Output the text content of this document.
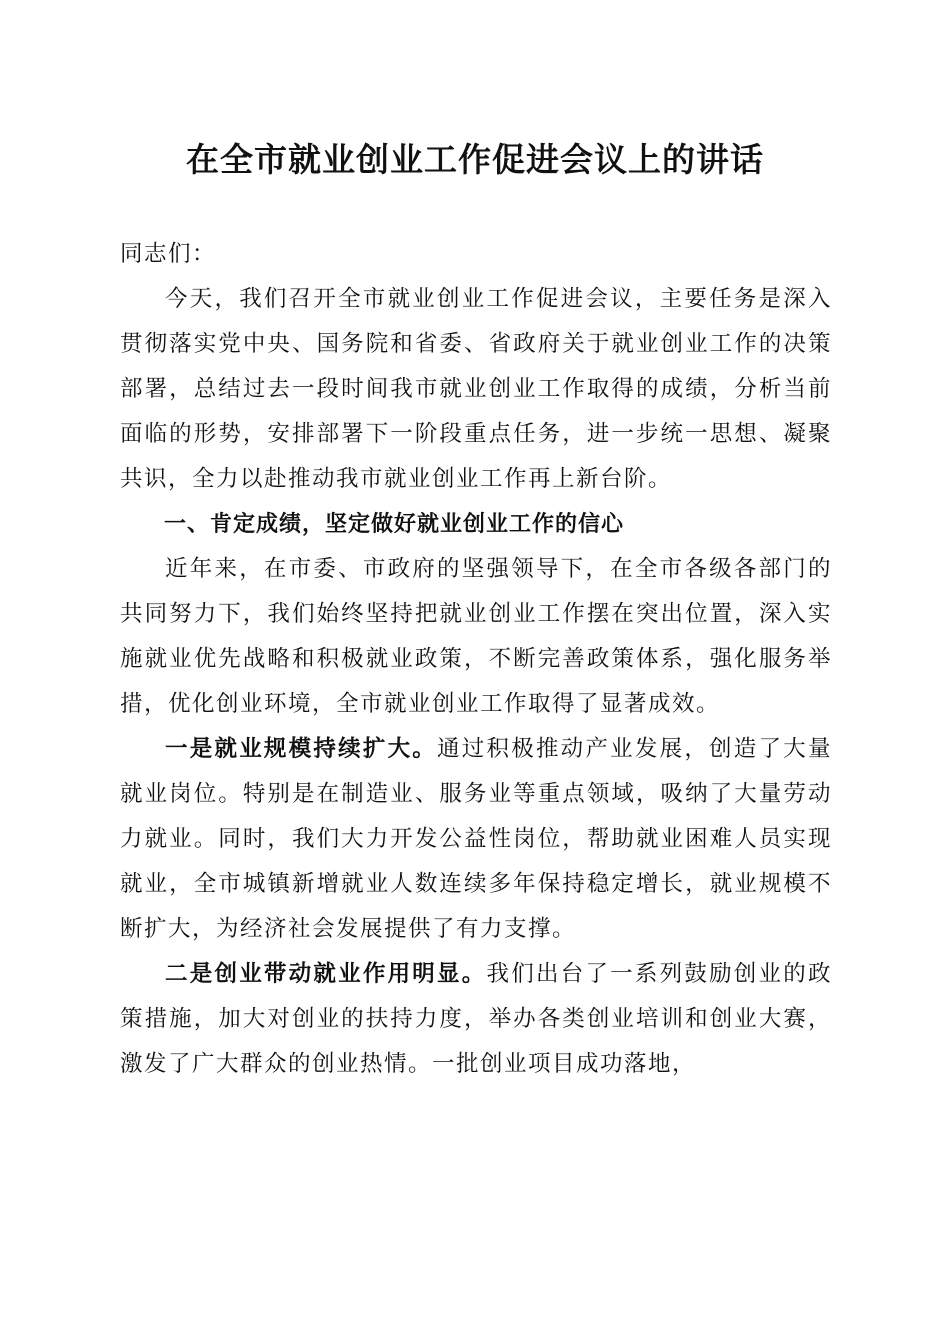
在全市就业创业工作促进会议上的讲话

同志们：

今天，我们召开全市就业创业工作促进会议，主要任务是深入贯彻落实党中央、国务院和省委、省政府关于就业创业工作的决策部署，总结过去一段时间我市就业创业工作取得的成绩，分析当前面临的形势，安排部署下一阶段重点任务，进一步统一思想、凝聚共识，全力以赴推动我市就业创业工作再上新台阶。

一、肯定成绩，坚定做好就业创业工作的信心

近年来，在市委、市政府的坚强领导下，在全市各级各部门的共同努力下，我们始终坚持把就业创业工作摆在突出位置，深入实施就业优先战略和积极就业政策，不断完善政策体系，强化服务举措，优化创业环境，全市就业创业工作取得了显著成效。

一是就业规模持续扩大。通过积极推动产业发展，创造了大量就业岗位。特别是在制造业、服务业等重点领域，吸纳了大量劳动力就业。同时，我们大力开发公益性岗位，帮助就业困难人员实现就业，全市城镇新增就业人数连续多年保持稳定增长，就业规模不断扩大，为经济社会发展提供了有力支撑。

二是创业带动就业作用明显。我们出台了一系列鼓励创业的政策措施，加大对创业的扶持力度，举办各类创业培训和创业大赛，激发了广大群众的创业热情。一批创业项目成功落地，
